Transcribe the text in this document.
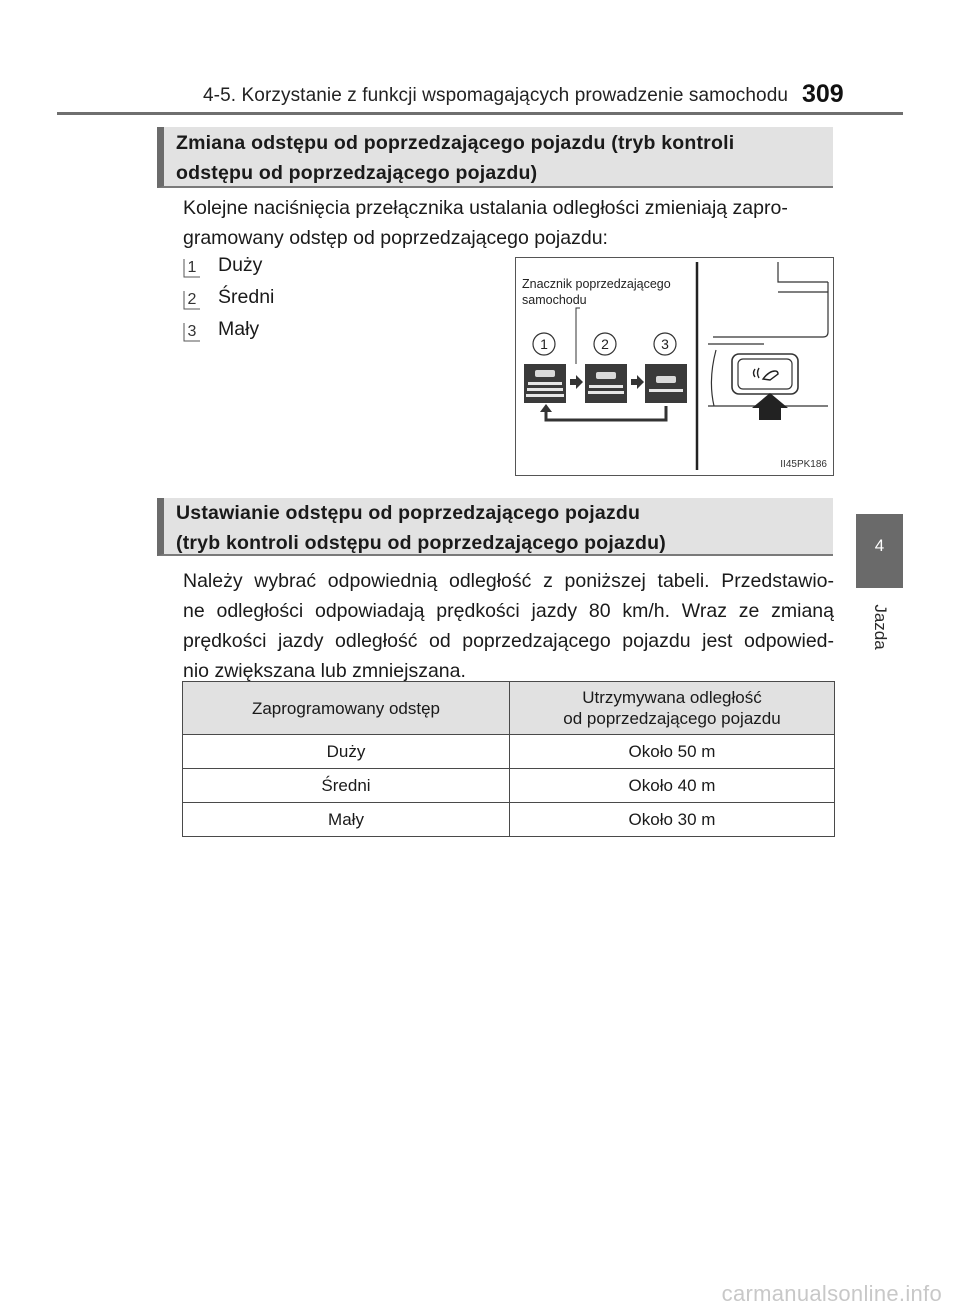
4-5. Korzystanie z funkcji wspomagających prowadzenie samochodu 309
4
Jazda
Zmiana odstępu od poprzedzającego pojazdu (tryb kontroli
odstępu od poprzedzającego pojazdu)
Kolejne naciśnięcia przełącznika ustalania odległości zmieniają zapro-
gramowany odstęp od poprzedzającego pojazdu:
1 Duży
2 Średni
3 Mały
Znacznik poprzedzającego
samochodu
1	2	3
II45PK186
Ustawianie odstępu od poprzedzającego pojazdu
(tryb kontroli odstępu od poprzedzającego pojazdu)
Należy wybrać odpowiednią odległość z poniższej tabeli. Przedstawio-
ne odległości odpowiadają prędkości jazdy 80 km/h. Wraz ze zmianą
prędkości jazdy odległość od poprzedzającego pojazdu jest odpowied-
nio zwiększana lub zmniejszana.
Zaprogramowany odstęp	Utrzymywana odległość
od poprzedzającego pojazdu
Duży	Około 50 m
Średni	Około 40 m
Mały	Około 30 m
carmanualsonline.info
